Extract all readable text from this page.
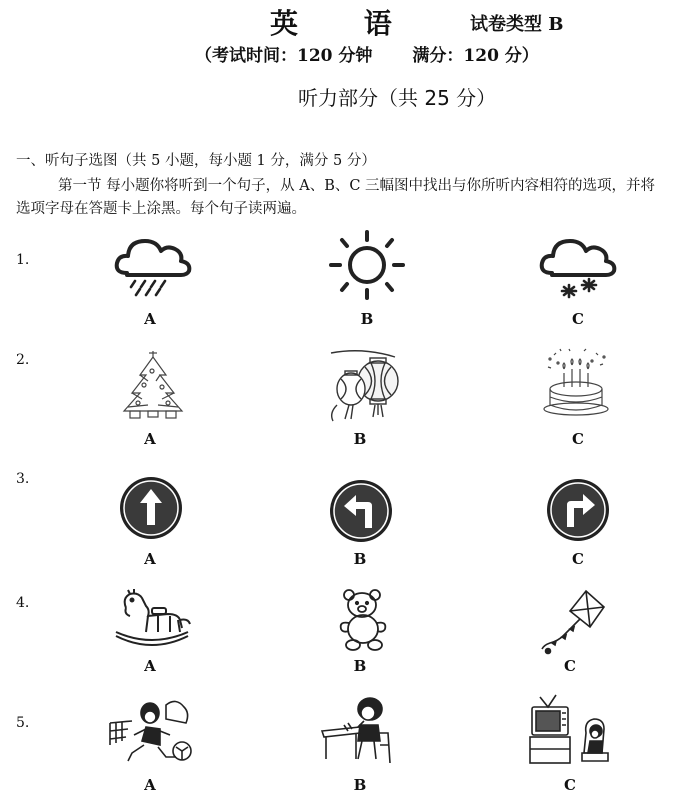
英 语	试卷类型 B
（考试时间：120 分钟 满分：120 分）
听力部分（共 25 分）
一、听句子选图（共 5 小题，每小题 1 分，满分 5 分）
第一节 每小题你将听到一个句子，从 A、B、C 三幅图中找出与你所听内容相符的选项，并将选项字母在答题卡上涂黑。每个句子读两遍。
1.
A	B	C
2.
A	B	C
3.
A	B	C
4.
A	B	C
5.
A	B	C
